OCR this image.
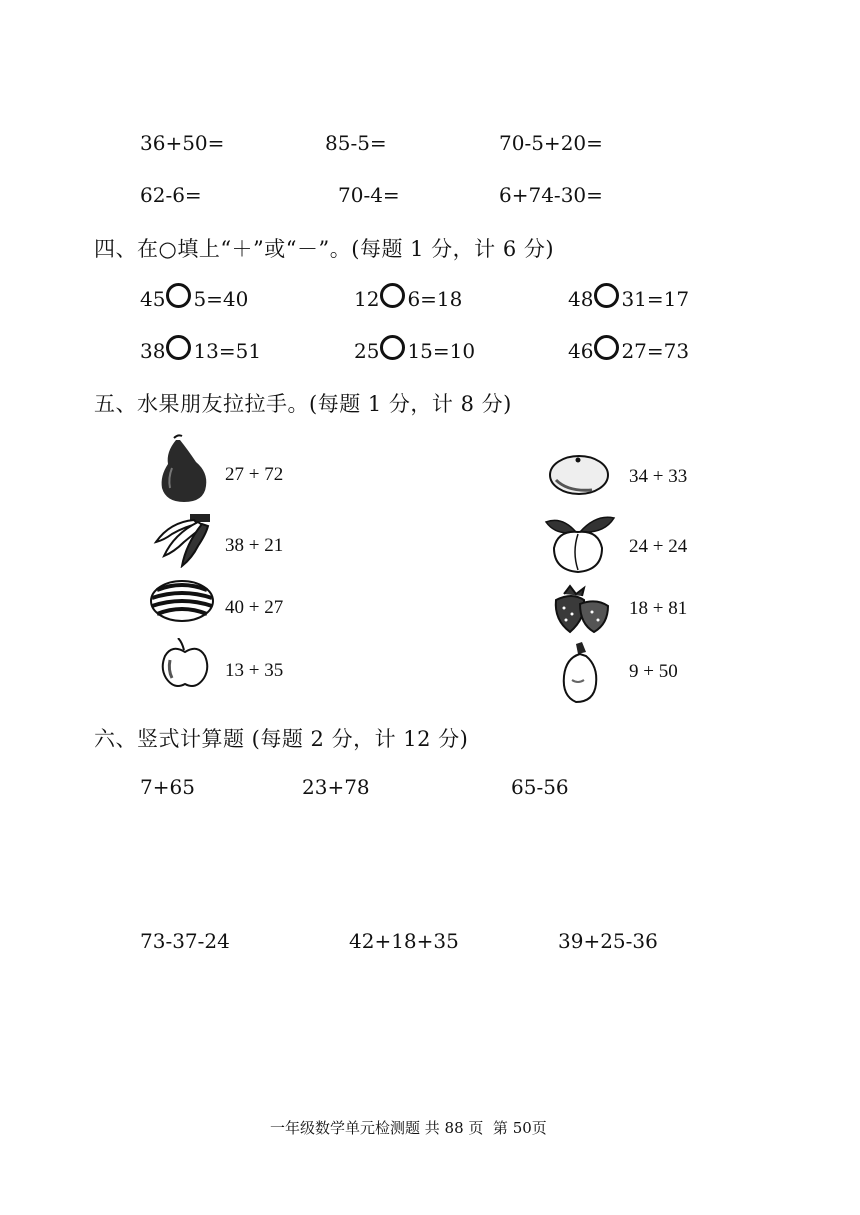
36+50=	85-5=	70-5+20=
62-6=	70-4=	6+74-30=
四、在○填上“＋”或“－”。(每题 1 分，计 6 分)
45 5=40	12 6=18	48 31=17
38 13=51	25 15=10	46 27=73
五、水果朋友拉拉手。(每题 1 分，计 8 分)
27 + 72
38 + 21
40 + 27
13 + 35
34 + 33
24 + 24
18 + 81
9 + 50
六、竖式计算题 (每题 2 分，计 12 分)
7+65	23+78	65-56
73-37-24	42+18+35	39+25-36
一年级数学单元检测题 共 88 页  第 50页
